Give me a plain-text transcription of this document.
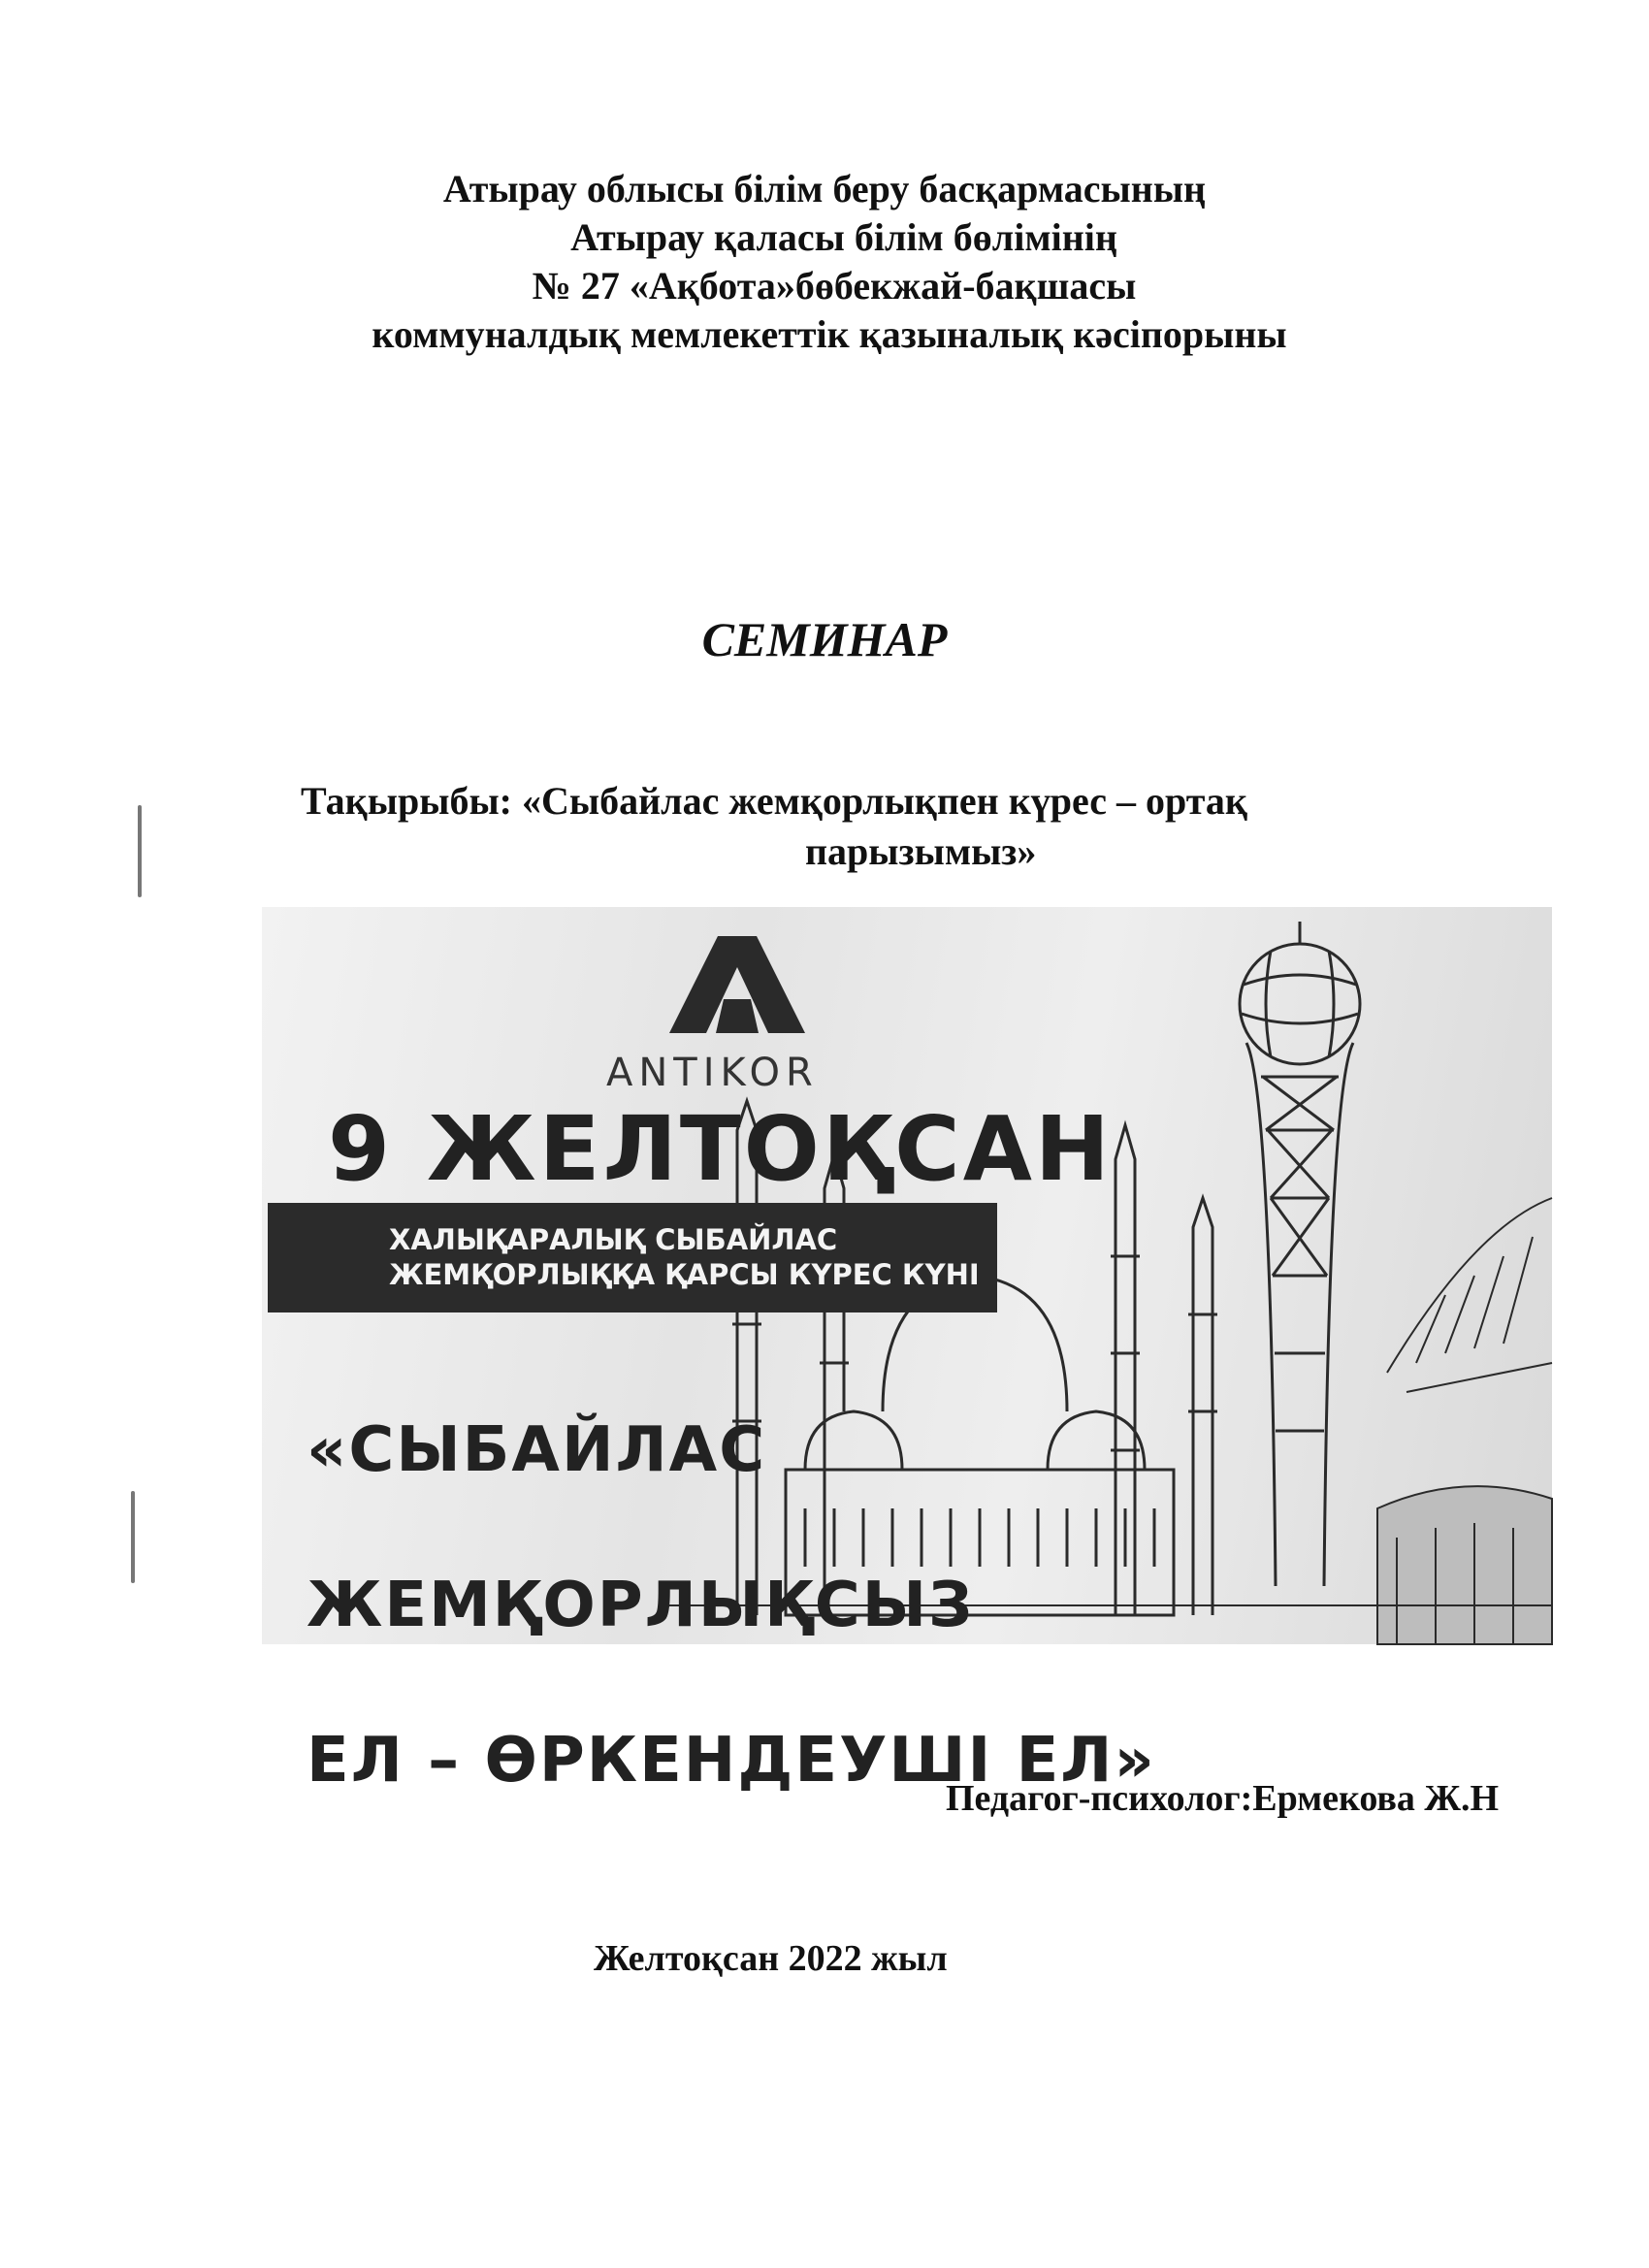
Атырау облысы білім беру басқармасының
Атырау қаласы білім бөлімінің
№ 27 «Ақбота»бөбекжай-бақшасы
коммуналдық мемлекеттік қазыналық кәсіпорыны
СЕМИНАР
Тақырыбы: «Сыбайлас жемқорлықпен күрес – ортақ
парызымыз»
ANTIKOR
9 ЖЕЛТОҚСАН
ХАЛЫҚАРАЛЫҚ СЫБАЙЛАС
ЖЕМҚОРЛЫҚҚА ҚАРСЫ КҮРЕС КҮНІ

«СЫБАЙЛАС

ЖЕМҚОРЛЫҚСЫЗ

ЕЛ – ӨРКЕНДЕУШІ ЕЛ»

Педагог-психолог:Ермекова Ж.Н
Желтоқсан 2022 жыл
